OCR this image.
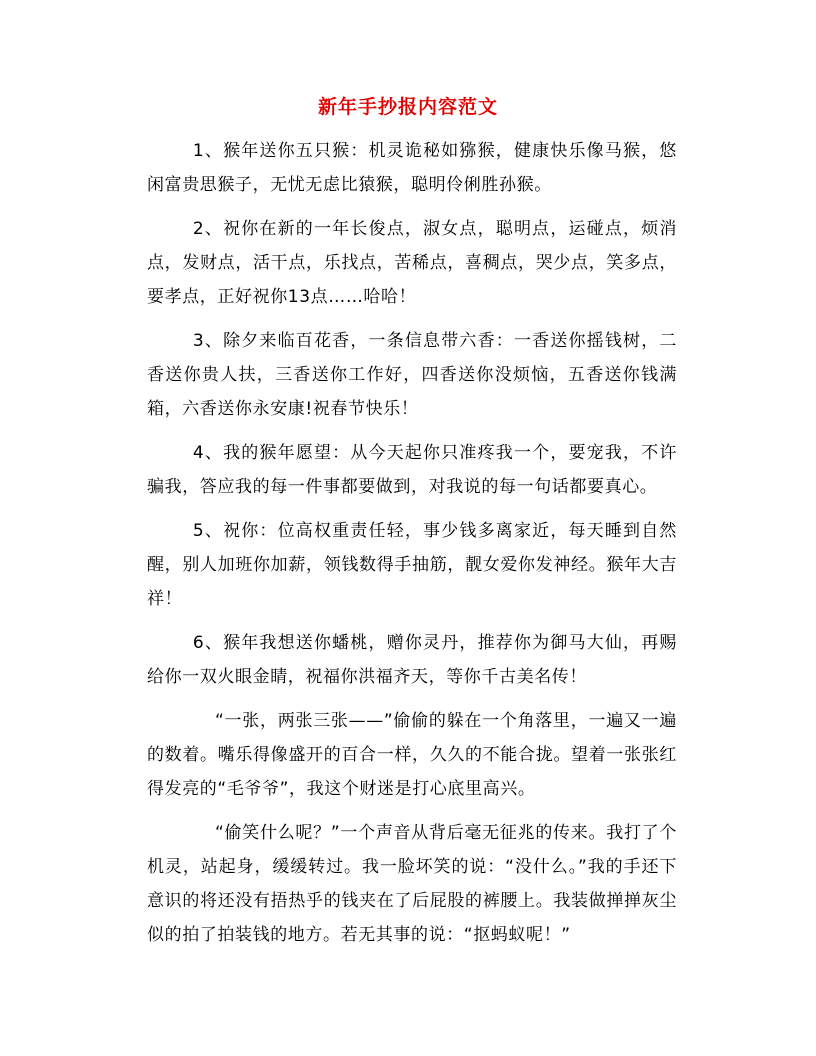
新年手抄报内容范文

1、猴年送你五只猴：机灵诡秘如猕猴，健康快乐像马猴，悠闲富贵思猴子，无忧无虑比猿猴，聪明伶俐胜孙猴。

2、祝你在新的一年长俊点，淑女点，聪明点，运碰点，烦消点，发财点，活干点，乐找点，苦稀点，喜稠点，哭少点，笑多点，要孝点，正好祝你13点……哈哈！

3、除夕来临百花香，一条信息带六香：一香送你摇钱树，二香送你贵人扶，三香送你工作好，四香送你没烦恼，五香送你钱满箱，六香送你永安康!祝春节快乐！

4、我的猴年愿望：从今天起你只准疼我一个，要宠我，不许骗我，答应我的每一件事都要做到，对我说的每一句话都要真心。

5、祝你：位高权重责任轻，事少钱多离家近，每天睡到自然醒，别人加班你加薪，领钱数得手抽筋，靓女爱你发神经。猴年大吉祥！

6、猴年我想送你蟠桃，赠你灵丹，推荐你为御马大仙，再赐给你一双火眼金睛，祝福你洪福齐天，等你千古美名传！

“一张，两张三张——”偷偷的躲在一个角落里，一遍又一遍的数着。嘴乐得像盛开的百合一样，久久的不能合拢。望着一张张红得发亮的“毛爷爷”，我这个财迷是打心底里高兴。

“偷笑什么呢？”一个声音从背后毫无征兆的传来。我打了个机灵，站起身，缓缓转过。我一脸坏笑的说：“没什么。”我的手还下意识的将还没有捂热乎的钱夹在了后屁股的裤腰上。我装做掸掸灰尘似的拍了拍装钱的地方。若无其事的说：“抠蚂蚁呢！”
